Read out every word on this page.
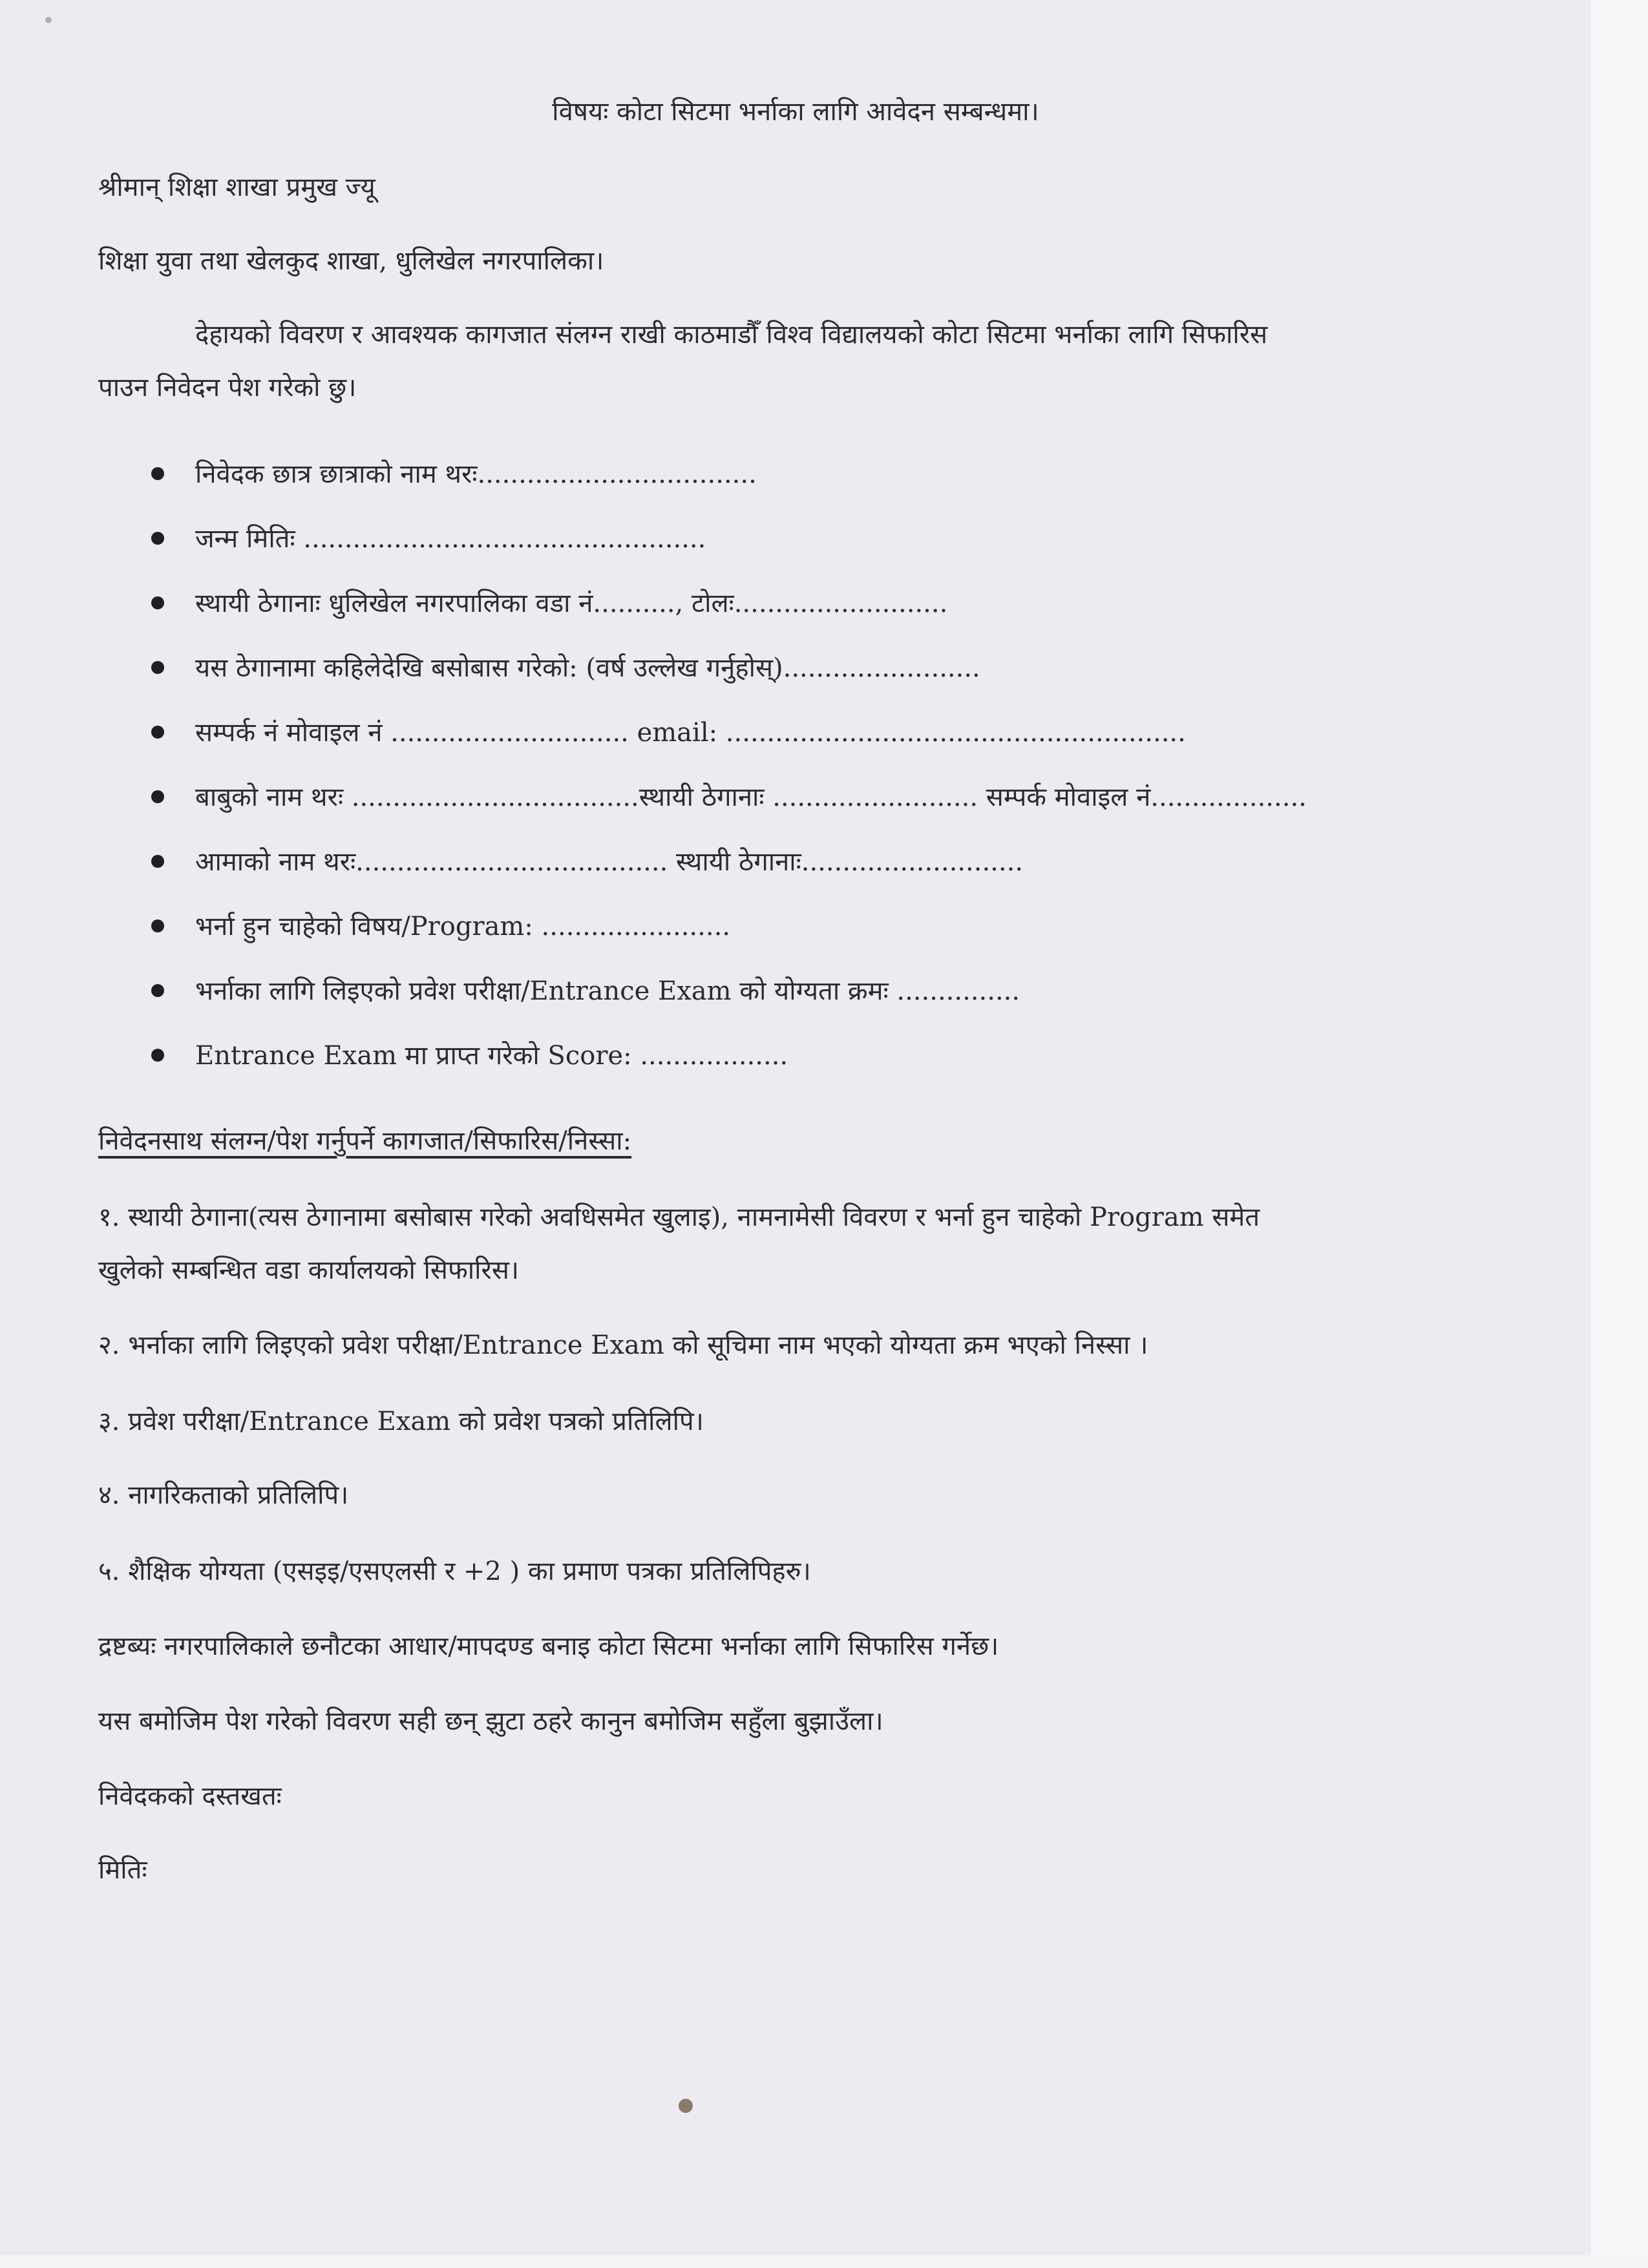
विषयः कोटा सिटमा भर्नाका लागि आवेदन सम्बन्धमा।
श्रीमान् शिक्षा शाखा प्रमुख ज्यू
शिक्षा युवा तथा खेलकुद शाखा, धुलिखेल नगरपालिका।
देहायको विवरण र आवश्यक कागजात संलग्न राखी काठमाडौँ विश्व विद्यालयको कोटा सिटमा भर्नाका लागि सिफारिस
पाउन निवेदन पेश गरेको छु।
निवेदक छात्र छात्राको नाम थरः..................................
जन्म मितिः .................................................
स्थायी ठेगानाः धुलिखेल नगरपालिका वडा नं.........., टोलः..........................
यस ठेगानामा कहिलेदेखि बसोबास गरेको: (वर्ष उल्लेख गर्नुहोस्)........................
सम्पर्क नं मोवाइल नं ............................. email: ........................................................
बाबुको नाम थरः ...................................स्थायी ठेगानाः ......................... सम्पर्क मोवाइल नं...................
आमाको नाम थरः...................................... स्थायी ठेगानाः...........................
भर्ना हुन चाहेको विषय/Program: .......................
भर्नाका लागि लिइएको प्रवेश परीक्षा/Entrance Exam को योग्यता क्रमः ...............
Entrance Exam मा प्राप्त गरेको Score: ..................
निवेदनसाथ संलग्न/पेश गर्नुपर्ने कागजात/सिफारिस/निस्सा:
१. स्थायी ठेगाना(त्यस ठेगानामा बसोबास गरेको अवधिसमेत खुलाइ), नामनामेसी विवरण र भर्ना हुन चाहेको Program समेत
खुलेको सम्बन्धित वडा कार्यालयको सिफारिस।
२. भर्नाका लागि लिइएको प्रवेश परीक्षा/Entrance Exam को सूचिमा नाम भएको योग्यता क्रम भएको निस्सा ।
३. प्रवेश परीक्षा/Entrance Exam को प्रवेश पत्रको प्रतिलिपि।
४. नागरिकताको प्रतिलिपि।
५. शैक्षिक योग्यता (एसइइ/एसएलसी र +2 ) का प्रमाण पत्रका प्रतिलिपिहरु।
द्रष्टब्यः नगरपालिकाले छनौटका आधार/मापदण्ड बनाइ कोटा सिटमा भर्नाका लागि सिफारिस गर्नेछ।
यस बमोजिम पेश गरेको विवरण सही छन् झुटा ठहरे कानुन बमोजिम सहुँला बुझाउँला।
निवेदकको दस्तखतः
मितिः
